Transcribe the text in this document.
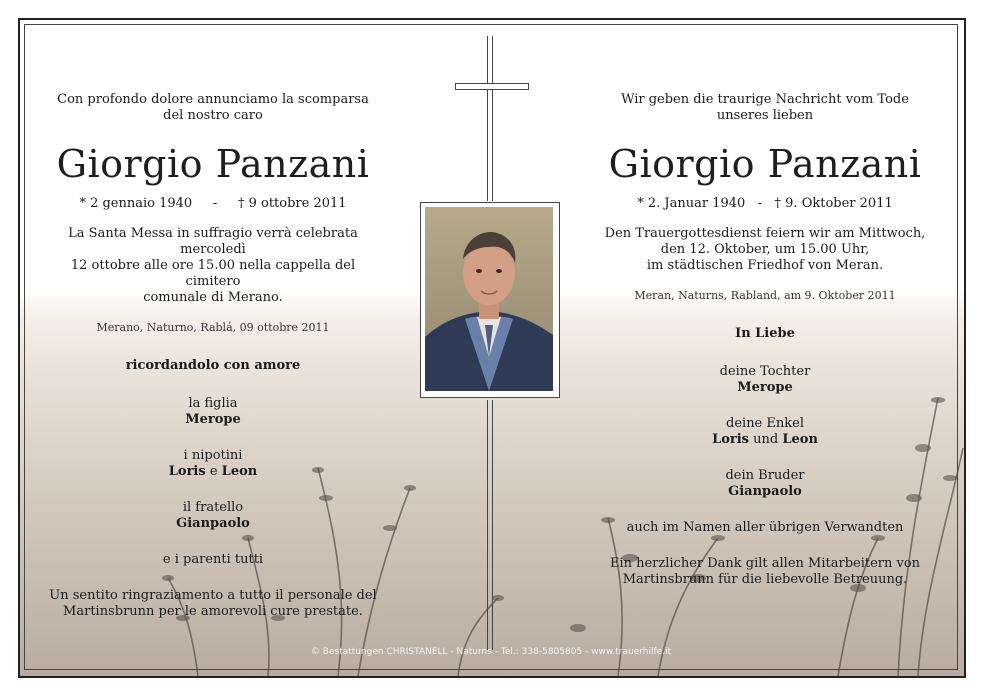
Con profondo dolore annunciamo la scomparsa
del nostro caro
Giorgio Panzani
* 2 gennaio 1940 - † 9 ottobre 2011
La Santa Messa in suffragio verrà celebrata mercoledì
12 ottobre alle ore 15.00 nella cappella del cimitero
comunale di Merano.
Merano, Naturno, Rablá, 09 ottobre 2011
ricordandolo con amore
la figlia
Merope
i nipotini
Loris e Leon
il fratello
Gianpaolo
e i parenti tutti
Un sentito ringraziamento a tutto il personale del
Martinsbrunn per le amorevoli cure prestate.
Wir geben die traurige Nachricht vom Tode
unseres lieben
Giorgio Panzani
* 2. Januar 1940 - † 9. Oktober 2011
Den Trauergottesdienst feiern wir am Mittwoch,
den 12. Oktober, um 15.00 Uhr,
im städtischen Friedhof von Meran.
Meran, Naturns, Rabland, am 9. Oktober 2011
In Liebe
deine Tochter
Merope
deine Enkel
Loris und Leon
dein Bruder
Gianpaolo
auch im Namen aller übrigen Verwandten
Ein herzlicher Dank gilt allen Mitarbeitern von
Martinsbrunn für die liebevolle Betreuung.
© Bestattungen CHRISTANELL - Naturns - Tel.: 338-5805805 - www.trauerhilfe.it
